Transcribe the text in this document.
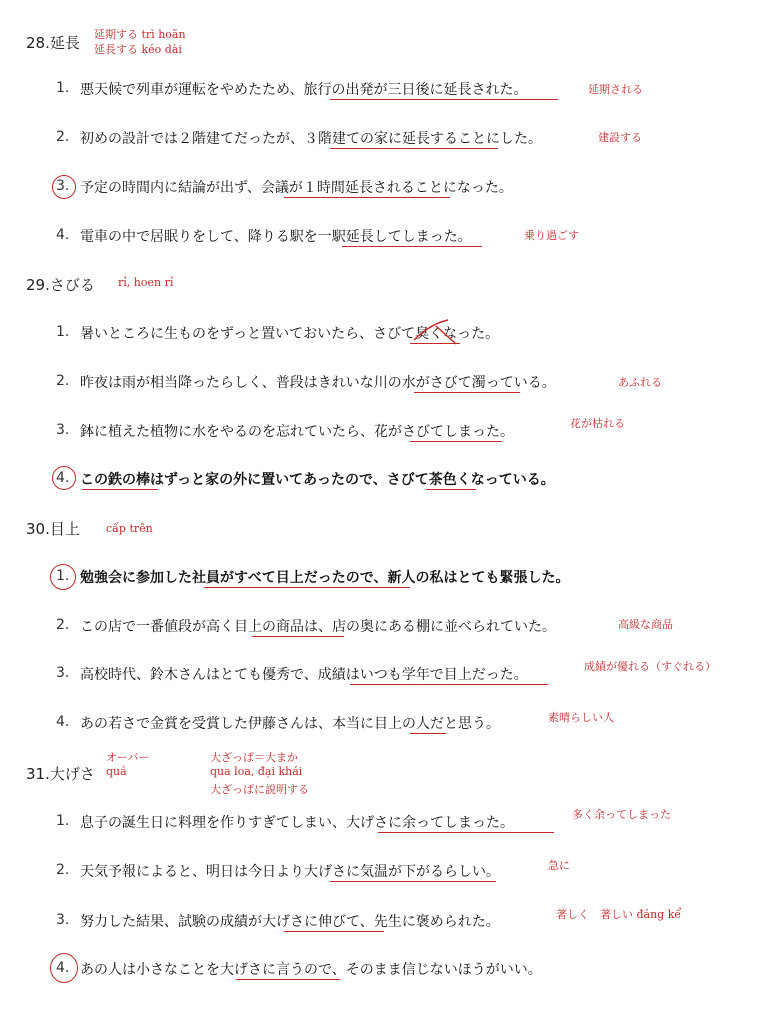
28.延長 延期する trì hoãn
延長する kéo dài
1. 悪天候で列車が運転をやめたため、旅行の出発が三日後に延長された。	延期される
2. 初めの設計では２階建てだったが、３階建ての家に延長することにした。	建設する
3. 予定の時間内に結論が出ず、会議が１時間延長されることになった。
4. 電車の中で居眠りをして、降りる駅を一駅延長してしまった。	乗り過ごす
29.さびる rỉ, hoen rỉ
1. 暑いところに生ものをずっと置いておいたら、さびて臭くなった。
2. 昨夜は雨が相当降ったらしく、普段はきれいな川の水がさびて濁っている。	あふれる
3. 鉢に植えた植物に水をやるのを忘れていたら、花がさびてしまった。
花が枯れる
4. この鉄の棒はずっと家の外に置いてあったので、さびて茶色くなっている。
30.目上 cấp trên
1. 勉強会に参加した社員がすべて目上だったので、新人の私はとても緊張した。
2. この店で一番値段が高く目上の商品は、店の奥にある棚に並べられていた。	高級な商品
3. 高校時代、鈴木さんはとても優秀で、成績はいつも学年で目上だった。
成績が優れる（すぐれる）
4. あの若さで金賞を受賞した伊藤さんは、本当に目上の人だと思う。	素晴らしい人
31.大げさ
オーバー
quá
大ざっぱ＝大まか
qua loa, đại khái
大ざっぱに説明する
1. 息子の誕生日に料理を作りすぎてしまい、大げさに余ってしまった。
多く余ってしまった
2. 天気予報によると、明日は今日より大げさに気温が下がるらしい。	急に
3. 努力した結果、試験の成績が大げさに伸びて、先生に褒められた。	著しく　著しい đáng kể
4. あの人は小さなことを大げさに言うので、そのまま信じないほうがいい。
